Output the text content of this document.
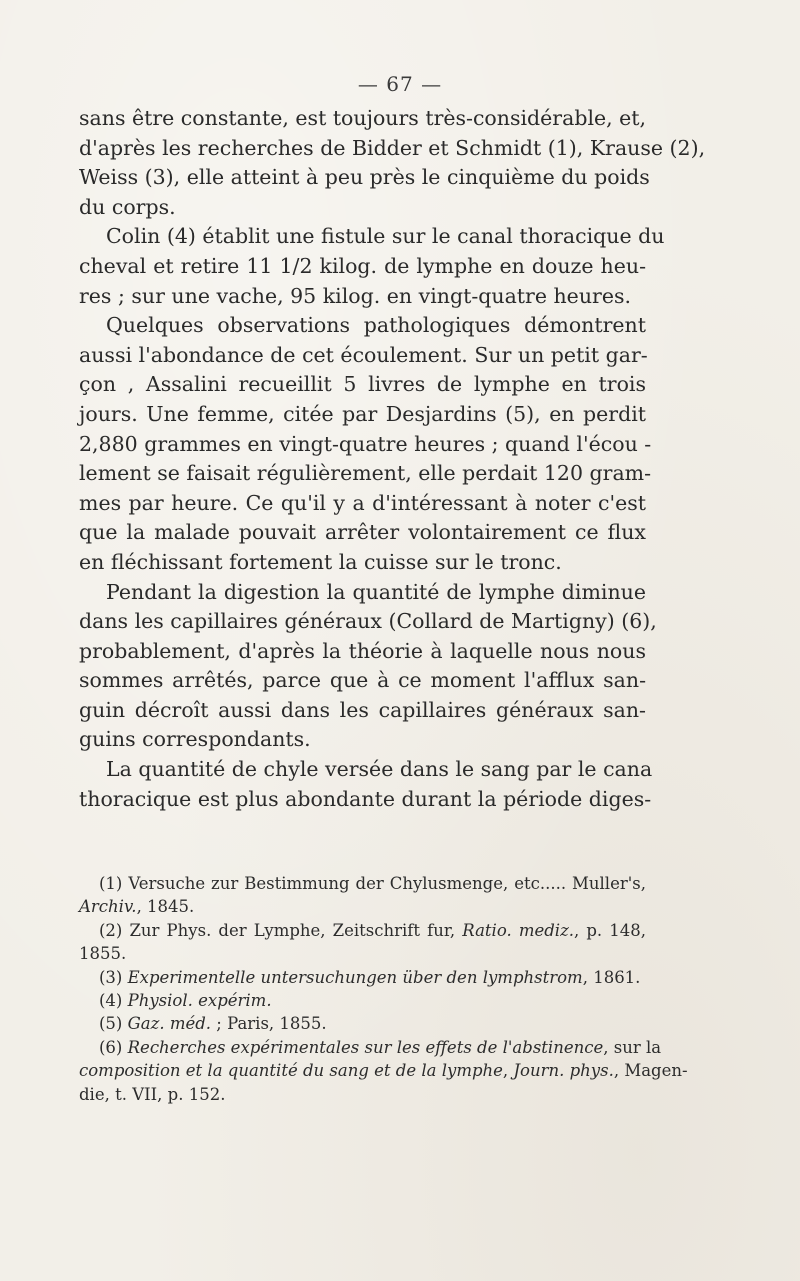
— 67 —
sans être constante, est toujours très-considérable, et,
d'après les recherches de Bidder et Schmidt (1), Krause (2),
Weiss (3), elle atteint à peu près le cinquième du poids
du corps.
Colin (4) établit une fistule sur le canal thoracique du
cheval et retire 11 1/2 kilog. de lymphe en douze heu-
res ; sur une vache, 95 kilog. en vingt-quatre heures.
Quelques observations pathologiques démontrent
aussi l'abondance de cet écoulement. Sur un petit gar-
çon , Assalini recueillit 5 livres de lymphe en trois
jours. Une femme, citée par Desjardins (5), en perdit
2,880 grammes en vingt-quatre heures ; quand l'écou -
lement se faisait régulièrement, elle perdait 120 gram-
mes par heure. Ce qu'il y a d'intéressant à noter c'est
que la malade pouvait arrêter volontairement ce flux
en fléchissant fortement la cuisse sur le tronc.
Pendant la digestion la quantité de lymphe diminue
dans les capillaires généraux (Collard de Martigny) (6),
probablement, d'après la théorie à laquelle nous nous
sommes arrêtés, parce que à ce moment l'afflux san-
guin décroît aussi dans les capillaires généraux san-
guins correspondants.
La quantité de chyle versée dans le sang par le cana
thoracique est plus abondante durant la période diges-
(1) Versuche zur Bestimmung der Chylusmenge, etc..... Muller's,
Archiv., 1845.
(2) Zur Phys. der Lymphe, Zeitschrift fur, Ratio. mediz., p. 148,
1855.
(3) Experimentelle untersuchungen über den lymphstrom, 1861.
(4) Physiol. expérim.
(5) Gaz. méd. ; Paris, 1855.
(6) Recherches expérimentales sur les effets de l'abstinence, sur la
composition et la quantité du sang et de la lymphe, Journ. phys., Magen-
die, t. VII, p. 152.
